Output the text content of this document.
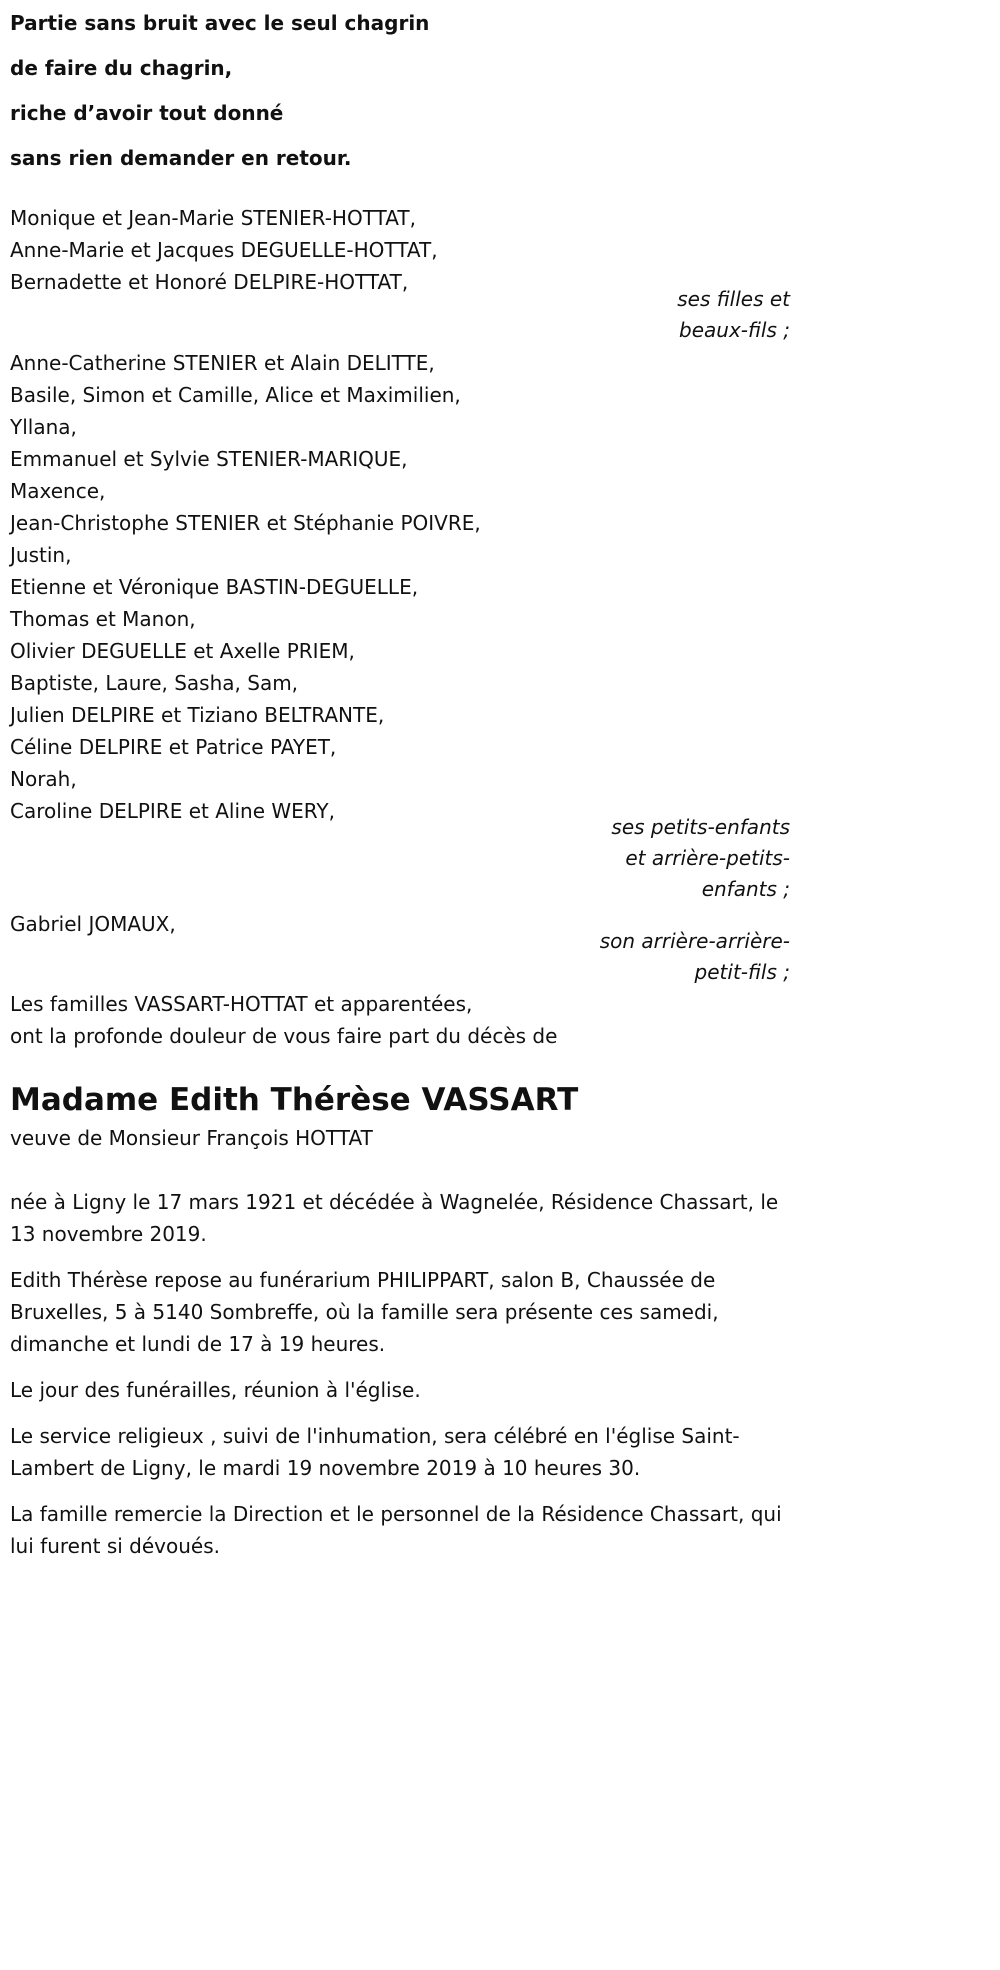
Partie sans bruit avec le seul chagrin
de faire du chagrin,
riche d’avoir tout donné
sans rien demander en retour.
Monique et Jean-Marie STENIER-HOTTAT,
Anne-Marie et Jacques DEGUELLE-HOTTAT,
Bernadette et Honoré DELPIRE-HOTTAT,
ses filles et
beaux-fils ;
Anne-Catherine STENIER et Alain DELITTE,
Basile, Simon et Camille, Alice et Maximilien,
Yllana,
Emmanuel et Sylvie STENIER-MARIQUE,
Maxence,
Jean-Christophe STENIER et Stéphanie POIVRE,
Justin,
Etienne et Véronique BASTIN-DEGUELLE,
Thomas et Manon,
Olivier DEGUELLE et Axelle PRIEM,
Baptiste, Laure, Sasha, Sam,
Julien DELPIRE et Tiziano BELTRANTE,
Céline DELPIRE et Patrice PAYET,
Norah,
Caroline DELPIRE et Aline WERY,
ses petits-enfants
et arrière-petits-
enfants ;
Gabriel JOMAUX,
son arrière-arrière-
petit-fils ;
Les familles VASSART-HOTTAT et apparentées,
ont la profonde douleur de vous faire part du décès de
Madame Edith Thérèse VASSART
veuve de Monsieur François HOTTAT
née à Ligny le 17 mars 1921 et décédée à Wagnelée, Résidence Chassart, le 13 novembre 2019.
Edith Thérèse repose au funérarium PHILIPPART, salon B, Chaussée de Bruxelles, 5 à 5140 Sombreffe, où la famille sera présente ces samedi, dimanche et lundi de 17 à 19 heures.
Le jour des funérailles, réunion à l'église.
Le service religieux , suivi de l'inhumation, sera célébré en l'église Saint-Lambert de Ligny, le mardi 19 novembre 2019 à 10 heures 30.
La famille remercie la Direction et le personnel de la Résidence Chassart, qui lui furent si dévoués.
